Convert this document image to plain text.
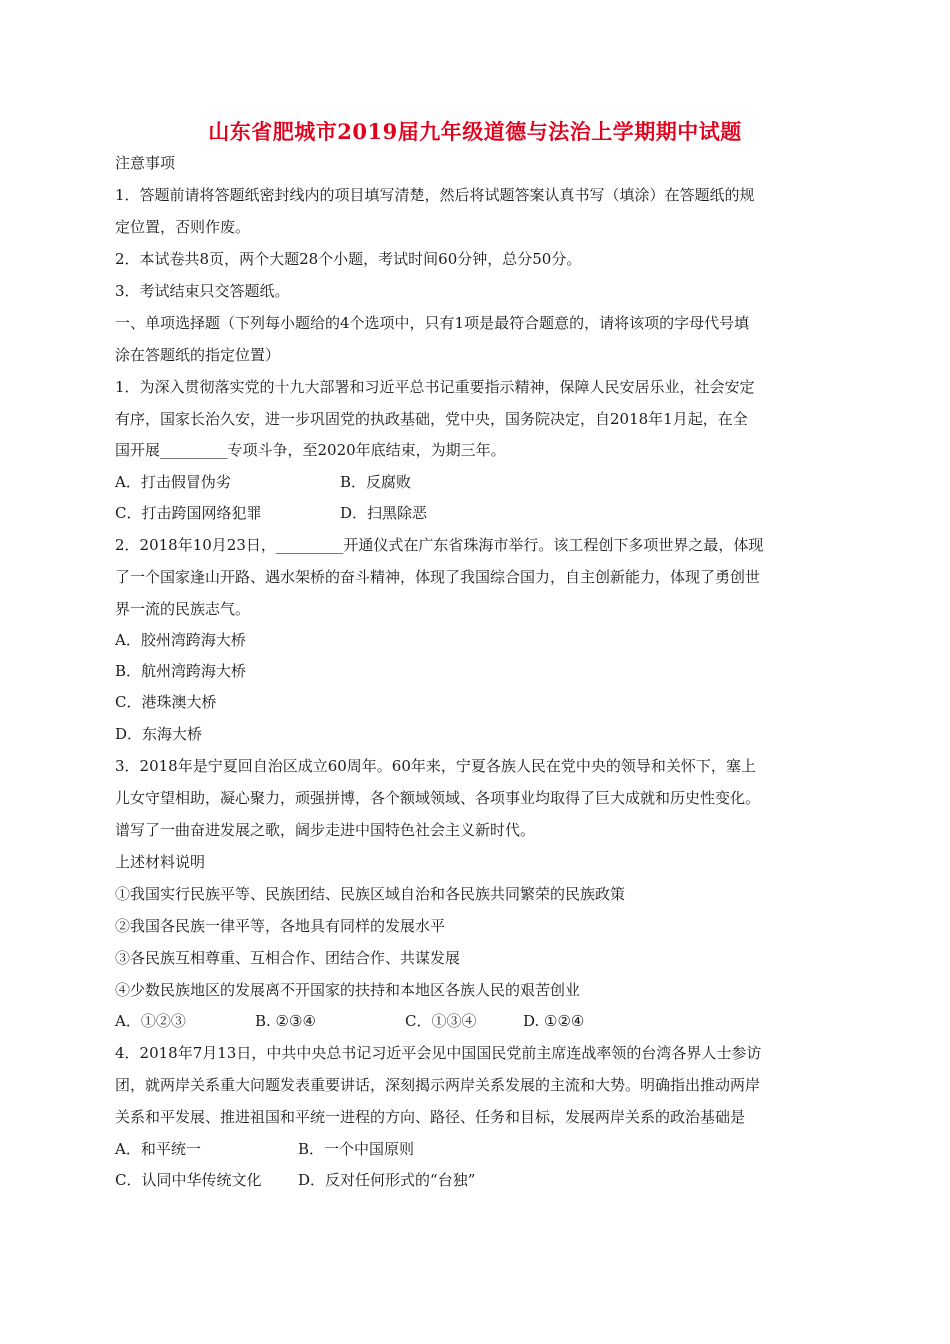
山东省肥城市2019届九年级道德与法治上学期期中试题
注意事项
1．答题前请将答题纸密封线内的项目填写清楚，然后将试题答案认真书写（填涂）在答题纸的规
定位置，否则作废。
2．本试卷共8页，两个大题28个小题，考试时间60分钟，总分50分。
3．考试结束只交答题纸。
一、单项选择题（下列每小题给的4个选项中，只有1项是最符合题意的，请将该项的字母代号填
涂在答题纸的指定位置）
1．为深入贯彻落实党的十九大部署和习近平总书记重要指示精神，保障人民安居乐业，社会安定
有序，国家长治久安，进一步巩固党的执政基础，党中央，国务院决定，自2018年1月起，在全
国开展_________专项斗争，至2020年底结束，为期三年。
A．打击假冒伪劣	B．反腐败
C．打击跨国网络犯罪	D．扫黑除恶
2．2018年10月23日，_________开通仪式在广东省珠海市举行。该工程创下多项世界之最，体现
了一个国家逢山开路、遇水架桥的奋斗精神，体现了我国综合国力，自主创新能力，体现了勇创世
界一流的民族志气。
A．胶州湾跨海大桥
B．航州湾跨海大桥
C．港珠澳大桥
D．东海大桥
3．2018年是宁夏回自治区成立60周年。60年来，宁夏各族人民在党中央的领导和关怀下，塞上
儿女守望相助，凝心聚力，顽强拼博，各个额域领域、各项事业均取得了巨大成就和历史性变化。
谱写了一曲奋进发展之歌，阔步走进中国特色社会主义新时代。
上述材料说明
①我国实行民族平等、民族团结、民族区域自治和各民族共同繁荣的民族政策
②我国各民族一律平等，各地具有同样的发展水平
③各民族互相尊重、互相合作、团结合作、共谋发展
④少数民族地区的发展离不开国家的扶持和本地区各族人民的艰苦创业
A．①②③	B. ②③④	C．①③④	D. ①②④
4．2018年7月13日，中共中央总书记习近平会见中国国民党前主席连战率领的台湾各界人士参访
团，就两岸关系重大问题发表重要讲话，深刻揭示两岸关系发展的主流和大势。明确指出推动两岸
关系和平发展、推进祖国和平统一进程的方向、路径、任务和目标，发展两岸关系的政治基础是
A．和平统一	B．一个中国原则
C．认同中华传统文化 D．反对任何形式的“台独”
